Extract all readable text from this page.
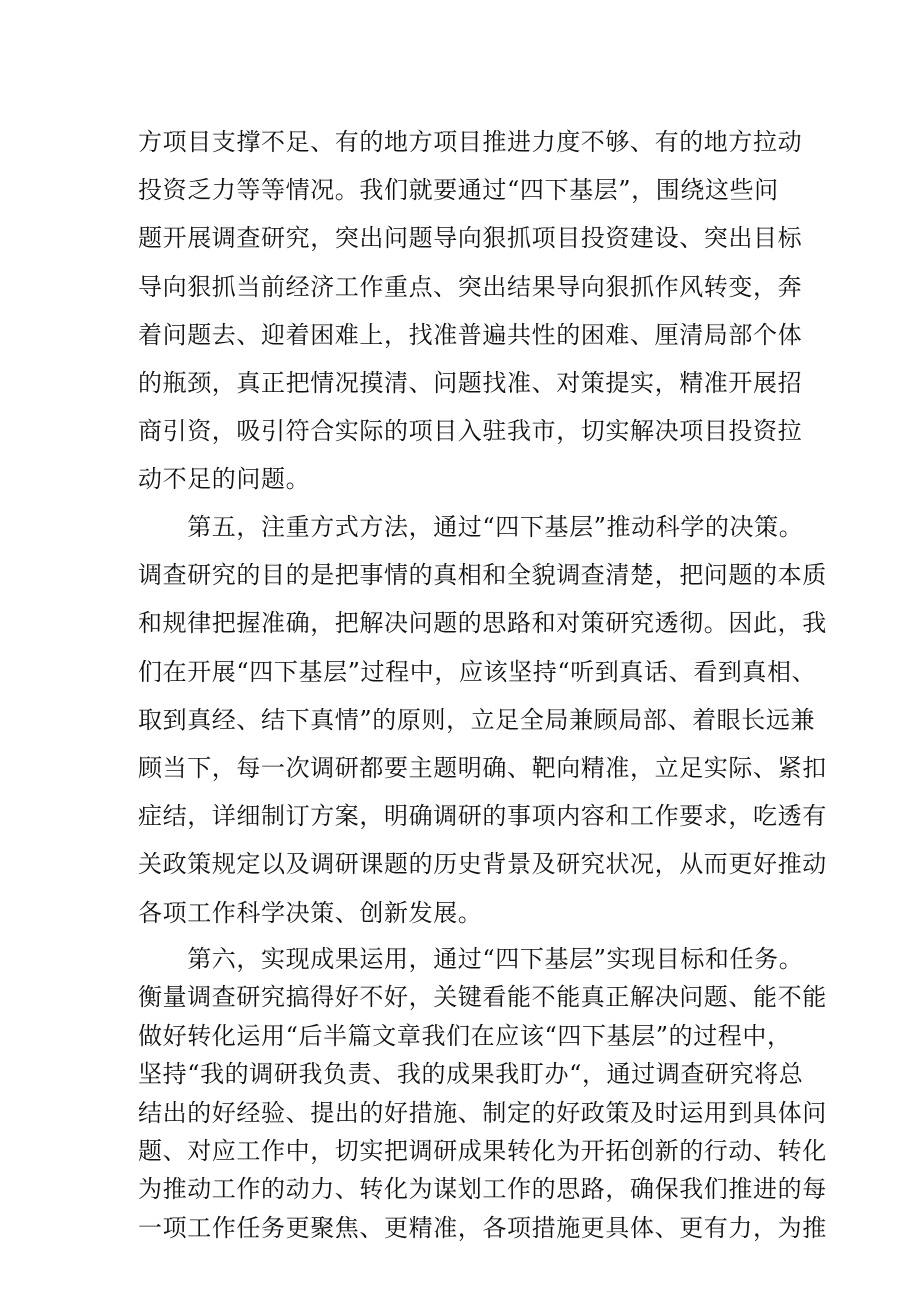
方项目支撑不足、有的地方项目推进力度不够、有的地方拉动
投资乏力等等情况。我们就要通过“四下基层”，围绕这些问
题开展调查研究，突出问题导向狠抓项目投资建设、突出目标
导向狠抓当前经济工作重点、突出结果导向狠抓作风转变，奔
着问题去、迎着困难上，找准普遍共性的困难、厘清局部个体
的瓶颈，真正把情况摸清、问题找准、对策提实，精准开展招
商引资，吸引符合实际的项目入驻我市，切实解决项目投资拉
动不足的问题。
　　第五，注重方式方法，通过“四下基层”推动科学的决策。
调查研究的目的是把事情的真相和全貌调查清楚，把问题的本质
和规律把握准确，把解决问题的思路和对策研究透彻。因此，我
们在开展“四下基层”过程中，应该坚持“听到真话、看到真相、
取到真经、结下真情”的原则，立足全局兼顾局部、着眼长远兼
顾当下，每一次调研都要主题明确、靶向精准，立足实际、紧扣
症结，详细制订方案，明确调研的事项内容和工作要求，吃透有
关政策规定以及调研课题的历史背景及研究状况，从而更好推动
各项工作科学决策、创新发展。
　　第六，实现成果运用，通过“四下基层”实现目标和任务。
衡量调查研究搞得好不好，关键看能不能真正解决问题、能不能
做好转化运用“后半篇文章我们在应该“四下基层”的过程中，
坚持“我的调研我负责、我的成果我盯办“，通过调查研究将总
结出的好经验、提出的好措施、制定的好政策及时运用到具体问
题、对应工作中，切实把调研成果转化为开拓创新的行动、转化
为推动工作的动力、转化为谋划工作的思路，确保我们推进的每
一项工作任务更聚焦、更精准，各项措施更具体、更有力，为推
